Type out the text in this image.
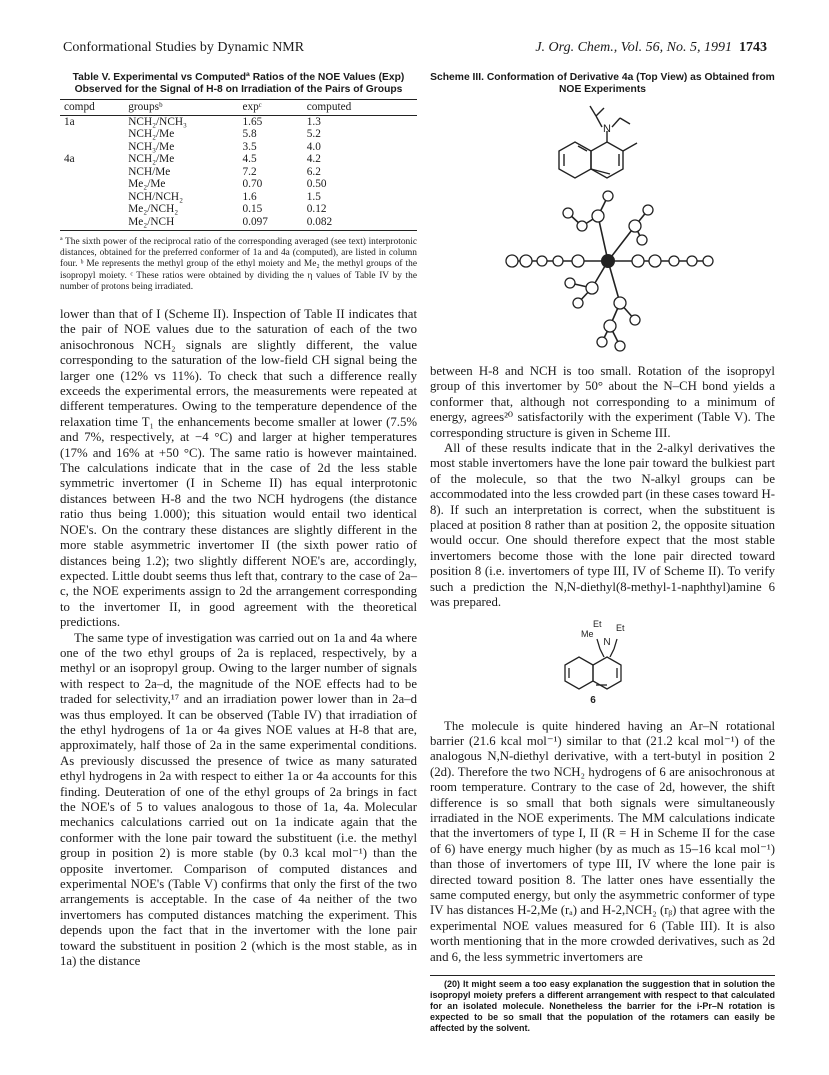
Conformational Studies by Dynamic NMR	J. Org. Chem., Vol. 56, No. 5, 1991 1743
Table V. Experimental vs Computedª Ratios of the NOE Values (Exp) Observed for the Signal of H-8 on Irradiation of the Pairs of Groups
compd	groupsᵇ	expᶜ	computed
1a	NCH₂/NCH₃	1.65	1.3
	NCH₂/Me	5.8	5.2
	NCH₃/Me	3.5	4.0
4a	NCH₂/Me	4.5	4.2
	NCH/Me	7.2	6.2
	Me₂/Me	0.70	0.50
	NCH/NCH₂	1.6	1.5
	Me₂/NCH₂	0.15	0.12
	Me₂/NCH	0.097	0.082
ª The sixth power of the reciprocal ratio of the corresponding averaged (see text) interprotonic distances, obtained for the preferred conformer of 1a and 4a (computed), are listed in column four. ᵇ Me represents the methyl group of the ethyl moiety and Me₂ the methyl groups of the isopropyl moiety. ᶜ These ratios were obtained by dividing the η values of Table IV by the number of protons being irradiated.

lower than that of I (Scheme II). Inspection of Table II indicates that the pair of NOE values due to the saturation of each of the two anisochronous NCH₂ signals are slightly different, the value corresponding to the saturation of the low-field CH signal being the larger one (12% vs 11%). To check that such a difference really exceeds the experimental errors, the measurements were repeated at different temperatures. Owing to the temperature dependence of the relaxation time T₁ the enhancements become smaller at lower (7.5% and 7%, respectively, at −4 °C) and larger at higher temperatures (17% and 16% at +50 °C). The same ratio is however maintained. The calculations indicate that in the case of 2d the less stable symmetric invertomer (I in Scheme II) has equal interprotonic distances between H-8 and the two NCH hydrogens (the distance ratio thus being 1.000); this situation would entail two identical NOE's. On the contrary these distances are slightly different in the more stable asymmetric invertomer II (the sixth power ratio of distances being 1.2); two slightly different NOE's are, accordingly, expected. Little doubt seems thus left that, contrary to the case of 2a–c, the NOE experiments assign to 2d the arrangement corresponding to the invertomer II, in good agreement with the theoretical predictions.

The same type of investigation was carried out on 1a and 4a where one of the two ethyl groups of 2a is replaced, respectively, by a methyl or an isopropyl group. Owing to the larger number of signals with respect to 2a–d, the magnitude of the NOE effects had to be traded for selectivity,¹⁷ and an irradiation power lower than in 2a–d was thus employed. It can be observed (Table IV) that irradiation of the ethyl hydrogens of 1a or 4a gives NOE values at H-8 that are, approximately, half those of 2a in the same experimental conditions. As previously discussed the presence of twice as many saturated ethyl hydrogens in 2a with respect to either 1a or 4a accounts for this finding. Deuteration of one of the ethyl groups of 2a brings in fact the NOE's of 5 to values analogous to those of 1a, 4a. Molecular mechanics calculations carried out on 1a indicate again that the conformer with the lone pair toward the substituent (i.e. the methyl group in position 2) is more stable (by 0.3 kcal mol⁻¹) than the opposite invertomer. Comparison of computed distances and experimental NOE's (Table V) confirms that only the first of the two arrangements is acceptable. In the case of 4a neither of the two invertomers has computed distances matching the experiment. This depends upon the fact that in the invertomer with the lone pair toward the substituent in position 2 (which is the most stable, as in 1a) the distance

Scheme III. Conformation of Derivative 4a (Top View) as Obtained from NOE Experiments
N

between H-8 and NCH is too small. Rotation of the isopropyl group of this invertomer by 50° about the N–CH bond yields a conformer that, although not corresponding to a minimum of energy, agrees²⁰ satisfactorily with the experiment (Table V). The corresponding structure is given in Scheme III.

All of these results indicate that in the 2-alkyl derivatives the most stable invertomers have the lone pair toward the bulkiest part of the molecule, so that the two N-alkyl groups can be accommodated into the less crowded part (in these cases toward H-8). If such an interpretation is correct, when the substituent is placed at position 8 rather than at position 2, the opposite situation would occur. One should therefore expect that the most stable invertomers become those with the lone pair directed toward position 8 (i.e. invertomers of type III, IV of Scheme II). To verify such a prediction the N,N-diethyl(8-methyl-1-naphthyl)amine 6 was prepared.

Et
Me
N
Et
6

The molecule is quite hindered having an Ar–N rotational barrier (21.6 kcal mol⁻¹) similar to that (21.2 kcal mol⁻¹) of the analogous N,N-diethyl derivative, with a tert-butyl in position 2 (2d). Therefore the two NCH₂ hydrogens of 6 are anisochronous at room temperature. Contrary to the case of 2d, however, the shift difference is so small that both signals were simultaneously irradiated in the NOE experiments. The MM calculations indicate that the invertomers of type I, II (R = H in Scheme II for the case of 6) have energy much higher (by as much as 15–16 kcal mol⁻¹) than those of invertomers of type III, IV where the lone pair is directed toward position 8. The latter ones have essentially the same computed energy, but only the asymmetric conformer of type IV has distances H-2,Me (rₐ) and H-2,NCH₂ (rᵦ) that agree with the experimental NOE values measured for 6 (Table III). It is also worth mentioning that in the more crowded derivatives, such as 2d and 6, the less symmetric invertomers are

(20) It might seem a too easy explanation the suggestion that in solution the isopropyl moiety prefers a different arrangement with respect to that calculated for an isolated molecule. Nonetheless the barrier for the i-Pr–N rotation is expected to be so small that the population of the rotamers can easily be affected by the solvent.
